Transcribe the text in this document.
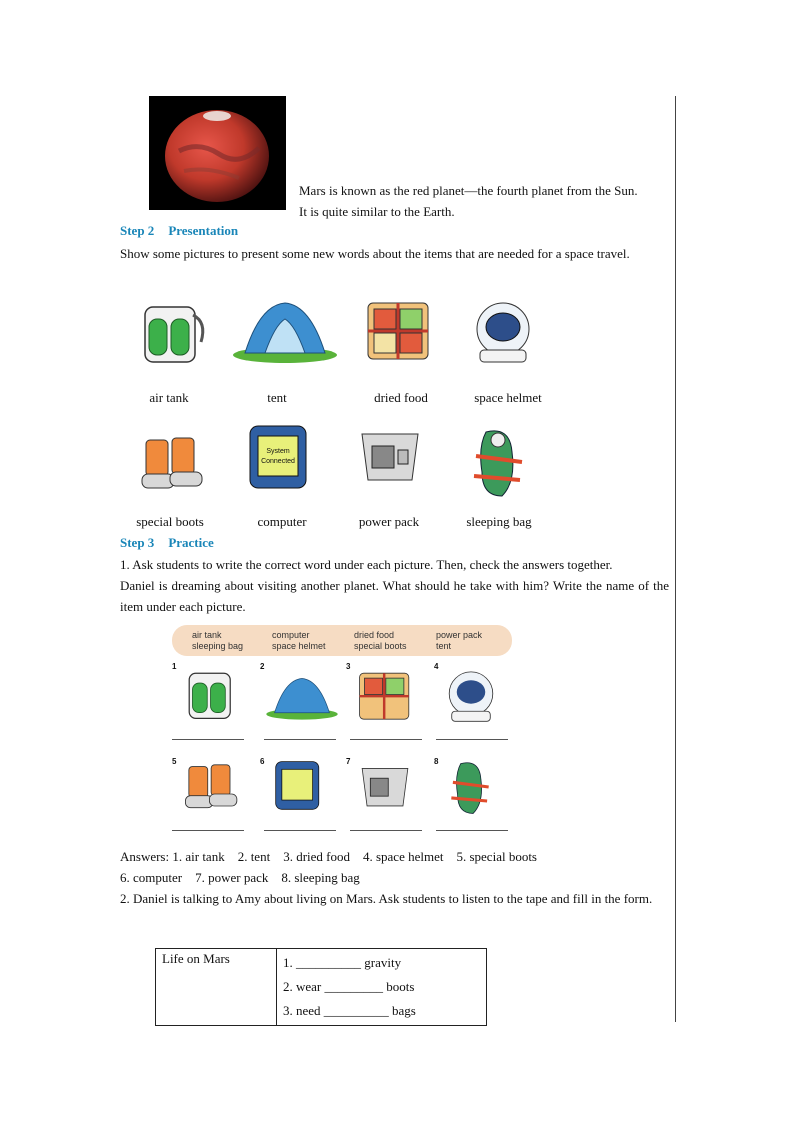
Mars is known as the red planet—the fourth planet from the Sun.
It is quite similar to the Earth.
Step 2 Presentation
Show some pictures to present some new words about the items that are needed for a space travel.
air tank	tent	dried food	space helmet
System
Connected
special boots	computer	power pack	sleeping bag
Step 3 Practice
1. Ask students to write the correct word under each picture. Then, check the answers together.
Daniel is dreaming about visiting another planet. What should he take with him? Write the name of the item under each picture.
air tank
sleeping bag
computer
space helmet
dried food
special boots
power pack
tent
1	2	3	4
5	6	7	8
Answers: 1. air tank    2. tent    3. dried food    4. space helmet    5. special boots
6. computer    7. power pack    8. sleeping bag
2. Daniel is talking to Amy about living on Mars. Ask students to listen to the tape and fill in the form.
Life on Mars	1. __________ gravity
2. wear _________ boots
3. need __________ bags
